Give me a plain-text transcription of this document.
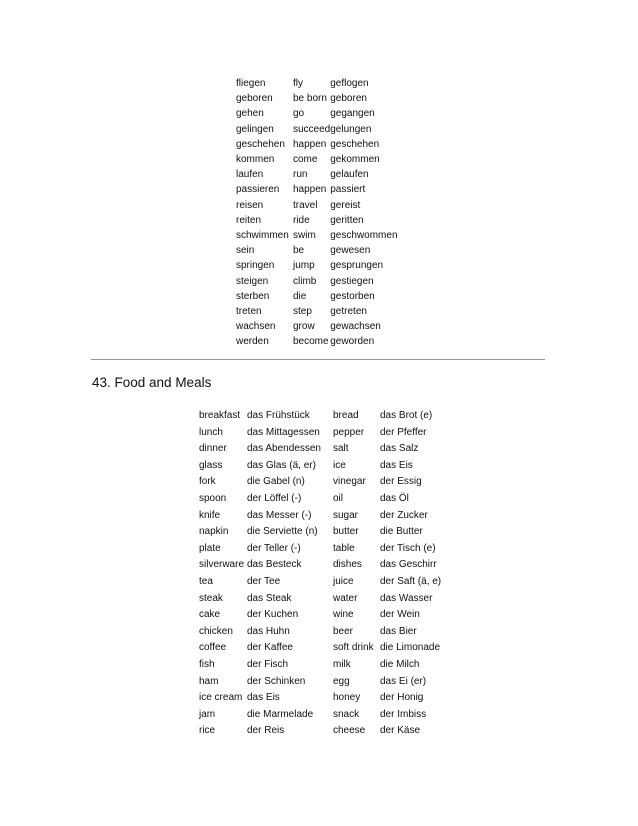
fliegen	fly	geflogen
geboren	be born	geboren
gehen	go	gegangen
gelingen	succeed	gelungen
geschehen	happen	geschehen
kommen	come	gekommen
laufen	run	gelaufen
passieren	happen	passiert
reisen	travel	gereist
reiten	ride	geritten
schwimmen	swim	geschwommen
sein	be	gewesen
springen	jump	gesprungen
steigen	climb	gestiegen
sterben	die	gestorben
treten	step	getreten
wachsen	grow	gewachsen
werden	become	geworden
43. Food and Meals
breakfast	das Frühstück	bread	das Brot (e)
lunch	das Mittagessen	pepper	der Pfeffer
dinner	das Abendessen	salt	das Salz
glass	das Glas (ä, er)	ice	das Eis
fork	die Gabel (n)	vinegar	der Essig
spoon	der Löffel (-)	oil	das Öl
knife	das Messer (-)	sugar	der Zucker
napkin	die Serviette (n)	butter	die Butter
plate	der Teller (-)	table	der Tisch (e)
silverware	das Besteck	dishes	das Geschirr
tea	der Tee	juice	der Saft (ä, e)
steak	das Steak	water	das Wasser
cake	der Kuchen	wine	der Wein
chicken	das Huhn	beer	das Bier
coffee	der Kaffee	soft drink	die Limonade
fish	der Fisch	milk	die Milch
ham	der Schinken	egg	das Ei (er)
ice cream	das Eis	honey	der Honig
jam	die Marmelade	snack	der Imbiss
rice	der Reis	cheese	der Käse
